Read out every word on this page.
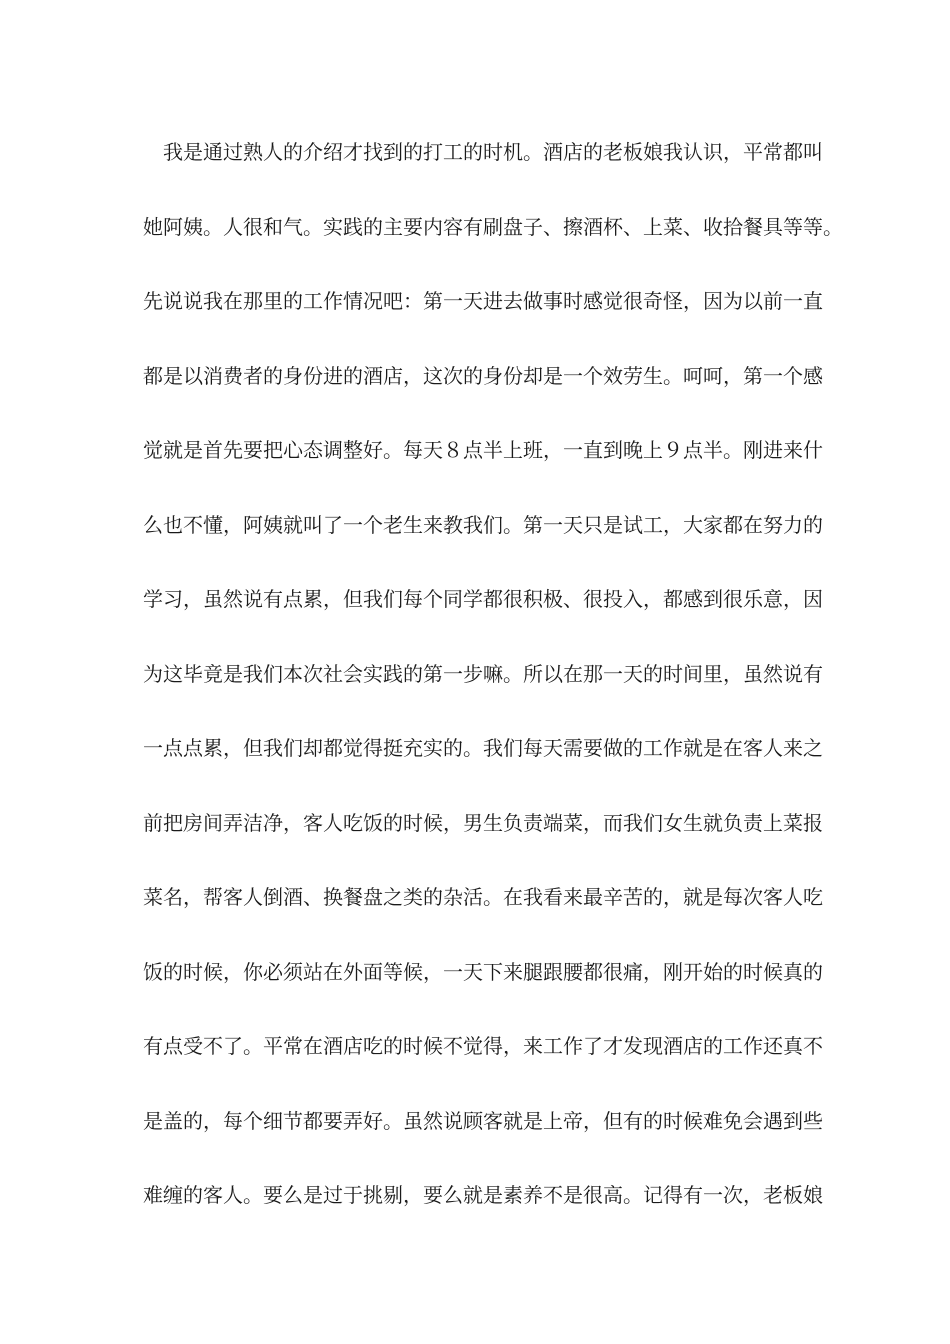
　我是通过熟人的介绍才找到的打工的时机。酒店的老板娘我认识，平常都叫
她阿姨。人很和气。实践的主要内容有刷盘子、擦酒杯、上菜、收拾餐具等等。
先说说我在那里的工作情况吧：第一天进去做事时感觉很奇怪，因为以前一直
都是以消费者的身份进的酒店，这次的身份却是一个效劳生。呵呵，第一个感
觉就是首先要把心态调整好。每天８点半上班，一直到晚上９点半。刚进来什
么也不懂，阿姨就叫了一个老生来教我们。第一天只是试工，大家都在努力的
学习，虽然说有点累，但我们每个同学都很积极、很投入，都感到很乐意，因
为这毕竟是我们本次社会实践的第一步嘛。所以在那一天的时间里，虽然说有
一点点累，但我们却都觉得挺充实的。我们每天需要做的工作就是在客人来之
前把房间弄洁净，客人吃饭的时候，男生负责端菜，而我们女生就负责上菜报
菜名，帮客人倒酒、换餐盘之类的杂活。在我看来最辛苦的，就是每次客人吃
饭的时候，你必须站在外面等候，一天下来腿跟腰都很痛，刚开始的时候真的
有点受不了。平常在酒店吃的时候不觉得，来工作了才发现酒店的工作还真不
是盖的，每个细节都要弄好。虽然说顾客就是上帝，但有的时候难免会遇到些
难缠的客人。要么是过于挑剔，要么就是素养不是很高。记得有一次，老板娘
